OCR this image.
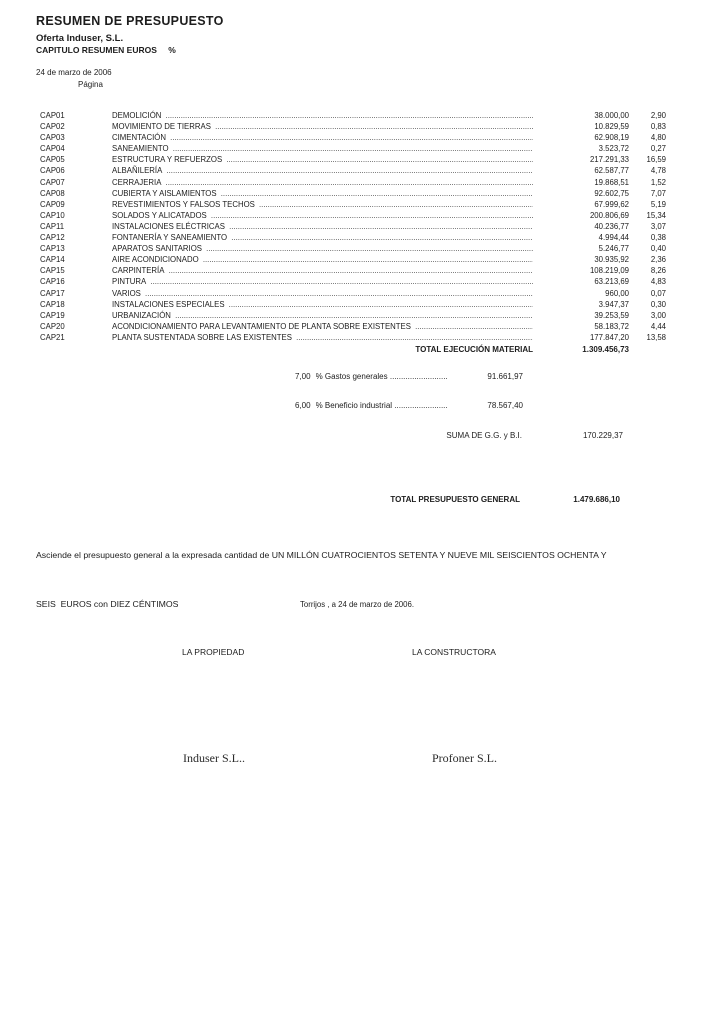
RESUMEN DE PRESUPUESTO
Oferta Induser, S.L.
CAPITULO RESUMEN EUROS %
24 de marzo de 2006
Página
CAP01	DEMOLICIÓN .....	38.000,00	2,90
CAP02	MOVIMIENTO DE TIERRAS .....	10.829,59	0,83
CAP03	CIMENTACIÓN .....	62.908,19	4,80
CAP04	SANEAMIENTO .....	3.523,72	0,27
CAP05	ESTRUCTURA Y REFUERZOS .....	217.291,33	16,59
CAP06	ALBAÑILERÍA .....	62.587,77	4,78
CAP07	CERRAJERIA .....	19.868,51	1,52
CAP08	CUBIERTA Y AISLAMIENTOS .....	92.602,75	7,07
CAP09	REVESTIMIENTOS Y FALSOS TECHOS .....	67.999,62	5,19
CAP10	SOLADOS Y ALICATADOS .....	200.806,69	15,34
CAP11	INSTALACIONES ELÉCTRICAS .....	40.236,77	3,07
CAP12	FONTANERÍA Y SANEAMIENTO .....	4.994,44	0,38
CAP13	APARATOS SANITARIOS .....	5.246,77	0,40
CAP14	AIRE ACONDICIONADO .....	30.935,92	2,36
CAP15	CARPINTERÍA .....	108.219,09	8,26
CAP16	PINTURA .....	63.213,69	4,83
CAP17	VARIOS .....	960,00	0,07
CAP18	INSTALACIONES ESPECIALES .....	3.947,37	0,30
CAP19	URBANIZACIÓN .....	39.253,59	3,00
CAP20	ACONDICIONAMIENTO PARA LEVANTAMIENTO DE PLANTA SOBRE EXISTENTES .....	58.183,72	4,44
CAP21	PLANTA SUSTENTADA SOBRE LAS EXISTENTES .....	177.847,20	13,58
TOTAL EJECUCIÓN MATERIAL	1.309.456,73
7,00 % Gastos generales .....	91.661,97
6,00 % Beneficio industrial .....	78.567,40
SUMA DE G.G. y B.I.	170.229,37
TOTAL PRESUPUESTO GENERAL	1.479.686,10

Asciende el presupuesto general a la expresada cantidad de UN MILLÓN CUATROCIENTOS SETENTA Y NUEVE MIL SEISCIENTOS OCHENTA Y

SEIS  EUROS con DIEZ CÉNTIMOS

	Torrijos , a 24 de marzo de 2006.
LA PROPIEDAD	LA CONSTRUCTORA
Induser S.L..	Profoner S.L.
